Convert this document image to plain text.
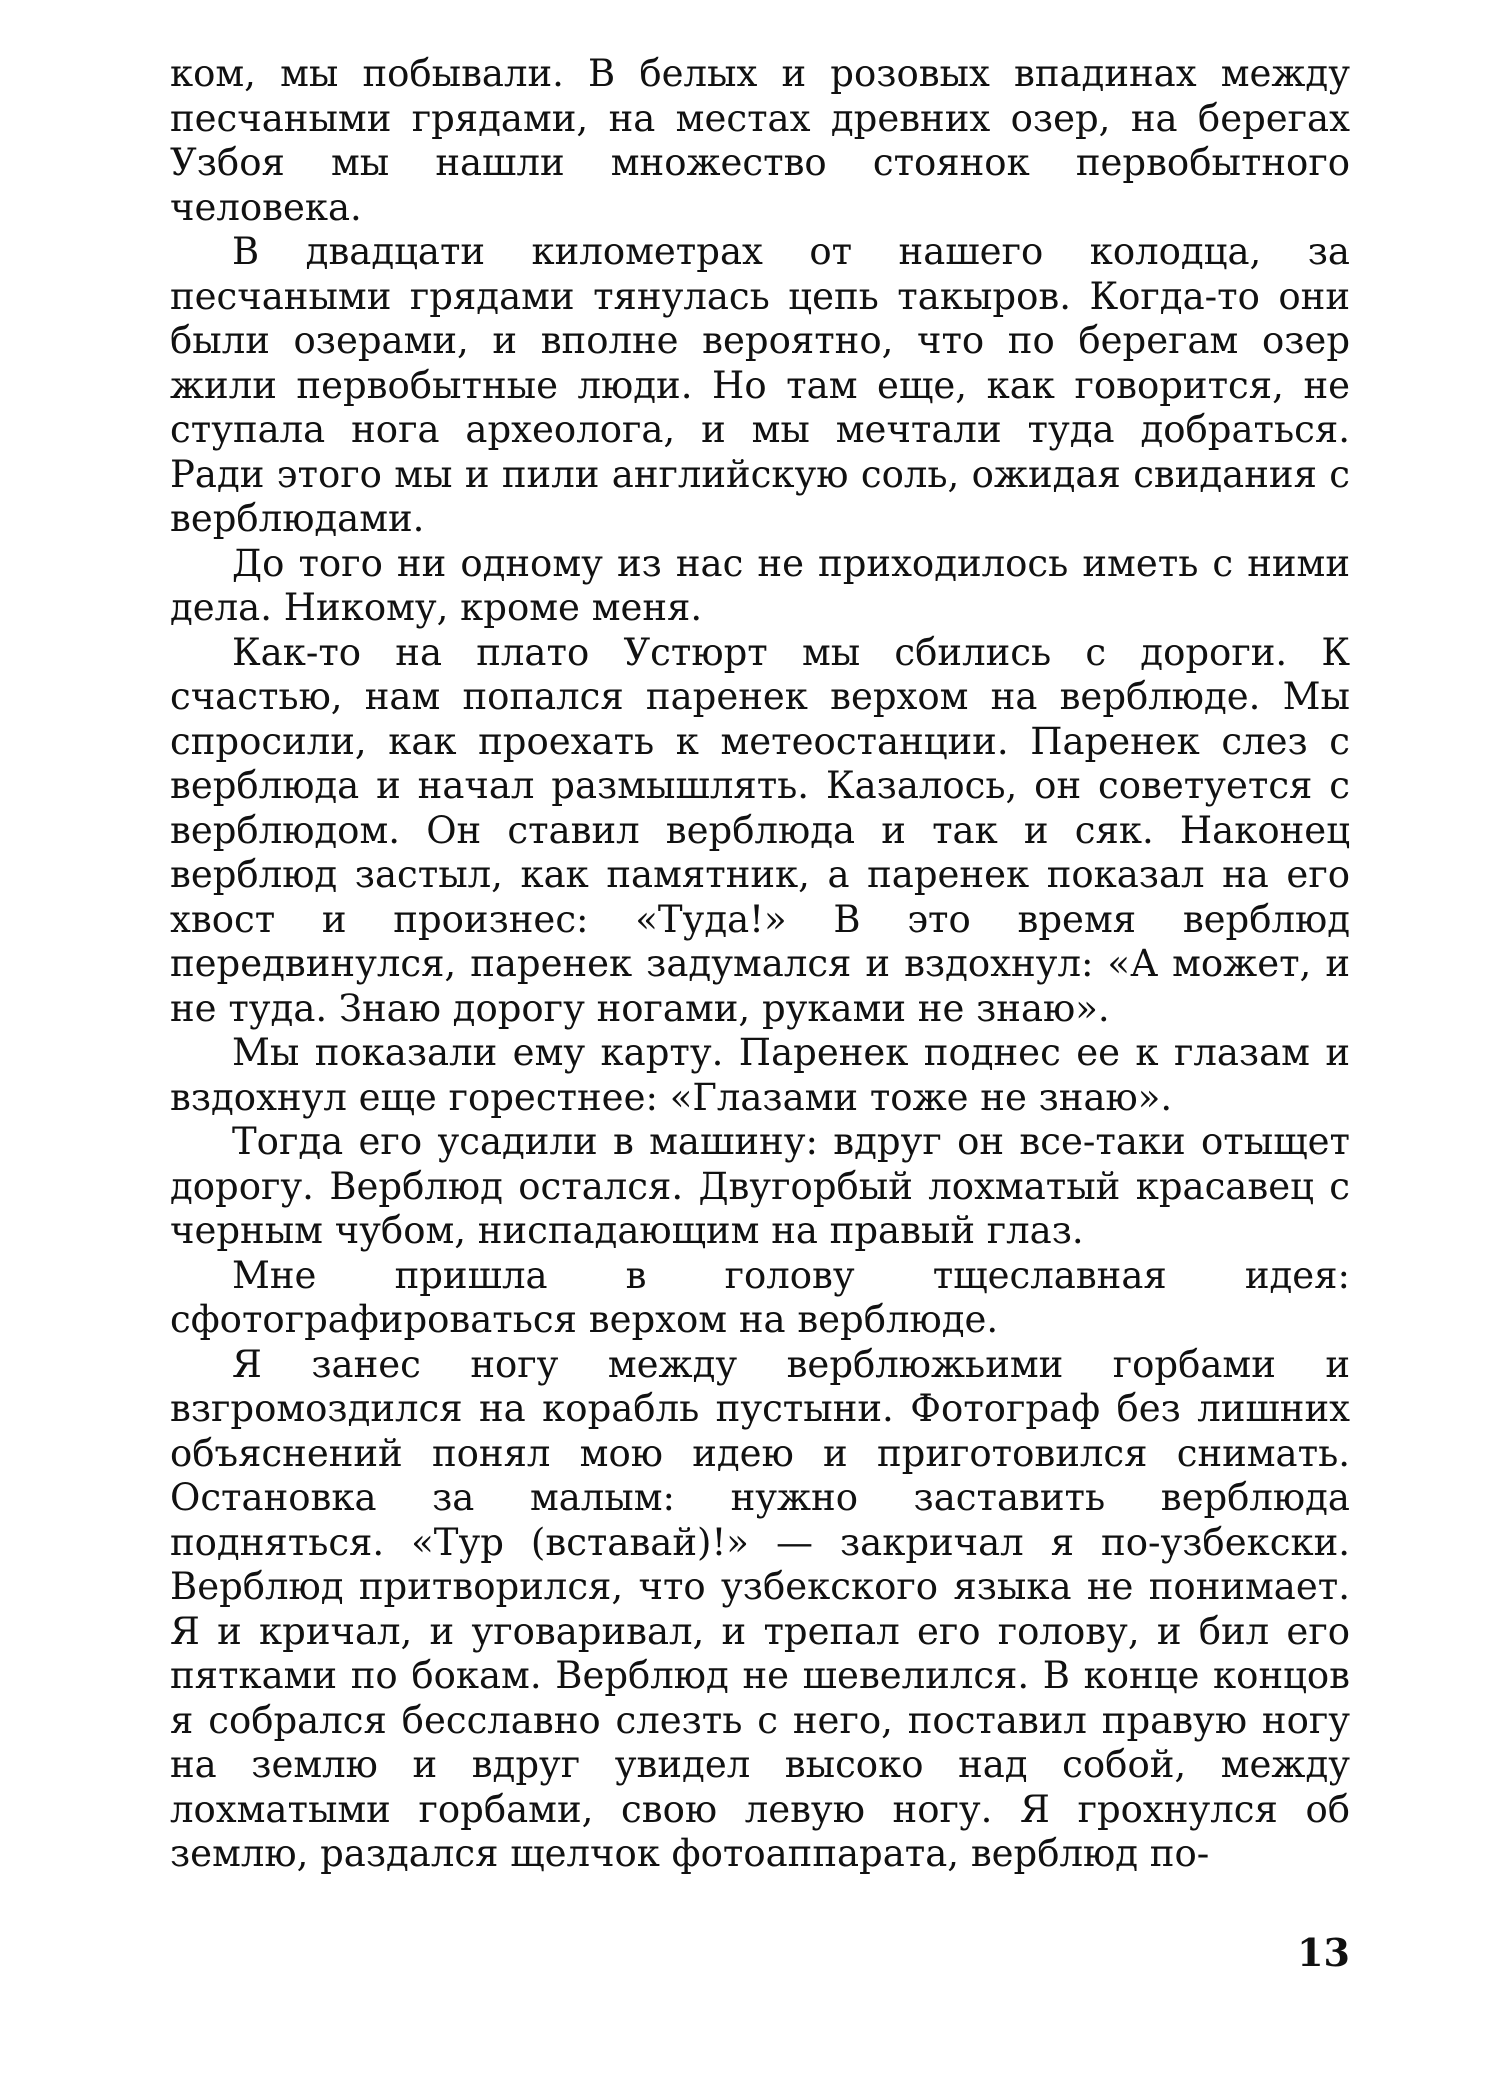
ком, мы побывали. В белых и розовых впадинах между песчаными грядами, на местах древних озер, на берегах Узбоя мы нашли множество стоянок первобытного человека.

В двадцати километрах от нашего колодца, за песчаными грядами тянулась цепь такыров. Когда-то они были озерами, и вполне вероятно, что по берегам озер жили первобытные люди. Но там еще, как говорится, не ступала нога археолога, и мы мечтали туда добраться. Ради этого мы и пили английскую соль, ожидая свидания с верблюдами.

До того ни одному из нас не приходилось иметь с ними дела. Никому, кроме меня.

Как-то на плато Устюрт мы сбились с дороги. К счастью, нам попался паренек верхом на верблюде. Мы спросили, как проехать к метеостанции. Паренек слез с верблюда и начал размышлять. Казалось, он советуется с верблюдом. Он ставил верблюда и так и сяк. Наконец верблюд застыл, как памятник, а паренек показал на его хвост и произнес: «Туда!» В это время верблюд передвинулся, паренек задумался и вздохнул: «А может, и не туда. Знаю дорогу ногами, руками не знаю».

Мы показали ему карту. Паренек поднес ее к глазам и вздохнул еще горестнее: «Глазами тоже не знаю».

Тогда его усадили в машину: вдруг он все-таки отыщет дорогу. Верблюд остался. Двугорбый лохматый красавец с черным чубом, ниспадающим на правый глаз.

Мне пришла в голову тщеславная идея: сфотографироваться верхом на верблюде.

Я занес ногу между верблюжьими горбами и взгромоздился на корабль пустыни. Фотограф без лишних объяснений понял мою идею и приготовился снимать. Остановка за малым: нужно заставить верблюда подняться. «Тур (вставай)!» — закричал я по-узбекски. Верблюд притворился, что узбекского языка не понимает. Я и кричал, и уговаривал, и трепал его голову, и бил его пятками по бокам. Верблюд не шевелился. В конце концов я собрался бесславно слезть с него, поставил правую ногу на землю и вдруг увидел высоко над собой, между лохматыми горбами, свою левую ногу. Я грохнулся об землю, раздался щелчок фотоаппарата, верблюд по-

13
